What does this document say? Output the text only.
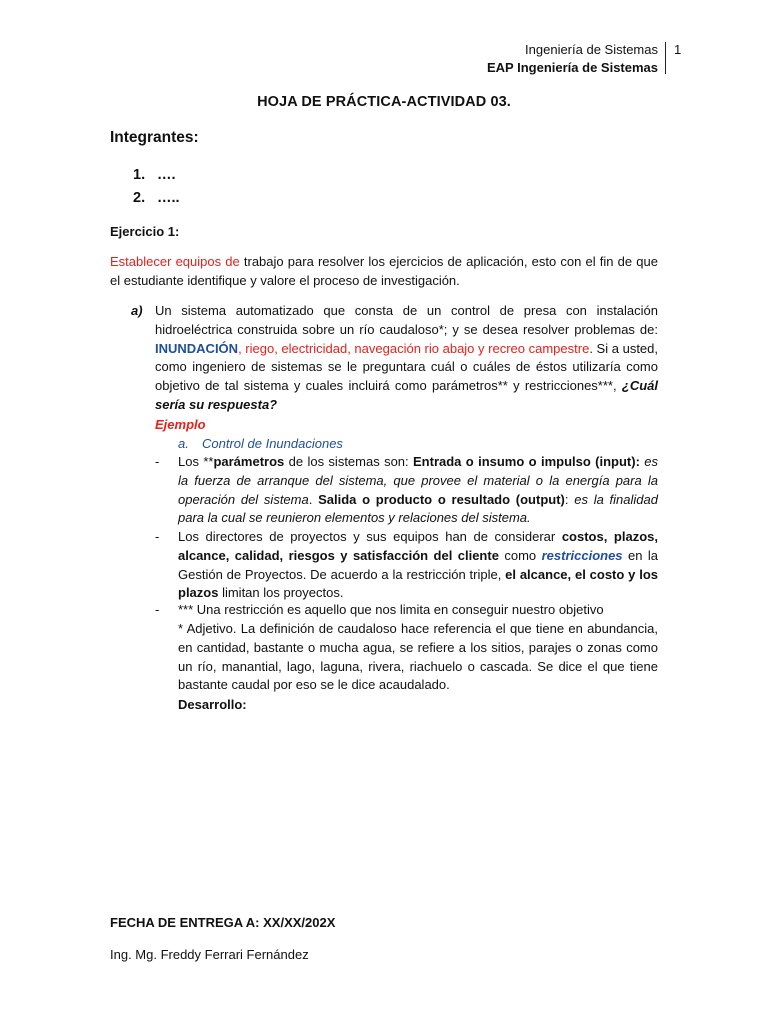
Ingeniería de Sistemas
EAP Ingeniería de Sistemas
1
HOJA DE PRÁCTICA-ACTIVIDAD 03.
Integrantes:
1. ….
2. …..
Ejercicio 1:

Establecer equipos de trabajo para resolver los ejercicios de aplicación, esto con el fin de que el estudiante identifique y valore el proceso de investigación.

a) Un sistema automatizado que consta de un control de presa con instalación hidroeléctrica construida sobre un río caudaloso*; y se desea resolver problemas de: INUNDACIÓN, riego, electricidad, navegación rio abajo y recreo campestre. Si a usted, como ingeniero de sistemas se le preguntara cuál o cuáles de éstos utilizaría como objetivo de tal sistema y cuales incluirá como parámetros** y restricciones***, ¿Cuál sería su respuesta?

Ejemplo
a. Control de Inundaciones
- Los **parámetros de los sistemas son: Entrada o insumo o impulso (input): es la fuerza de arranque del sistema, que provee el material o la energía para la operación del sistema. Salida o producto o resultado (output): es la finalidad para la cual se reunieron elementos y relaciones del sistema.

- Los directores de proyectos y sus equipos han de considerar costos, plazos, alcance, calidad, riesgos y satisfacción del cliente como restricciones en la Gestión de Proyectos. De acuerdo a la restricción triple, el alcance, el costo y los plazos limitan los proyectos.

- *** Una restricción es aquello que nos limita en conseguir nuestro objetivo

* Adjetivo. La definición de caudaloso hace referencia el que tiene en abundancia, en cantidad, bastante o mucha agua, se refiere a los sitios, parajes o zonas como un río, manantial, lago, laguna, rivera, riachuelo o cascada. Se dice el que tiene bastante caudal por eso se le dice acaudalado.

Desarrollo:
FECHA DE ENTREGA A: XX/XX/202X
Ing. Mg. Freddy Ferrari Fernández
